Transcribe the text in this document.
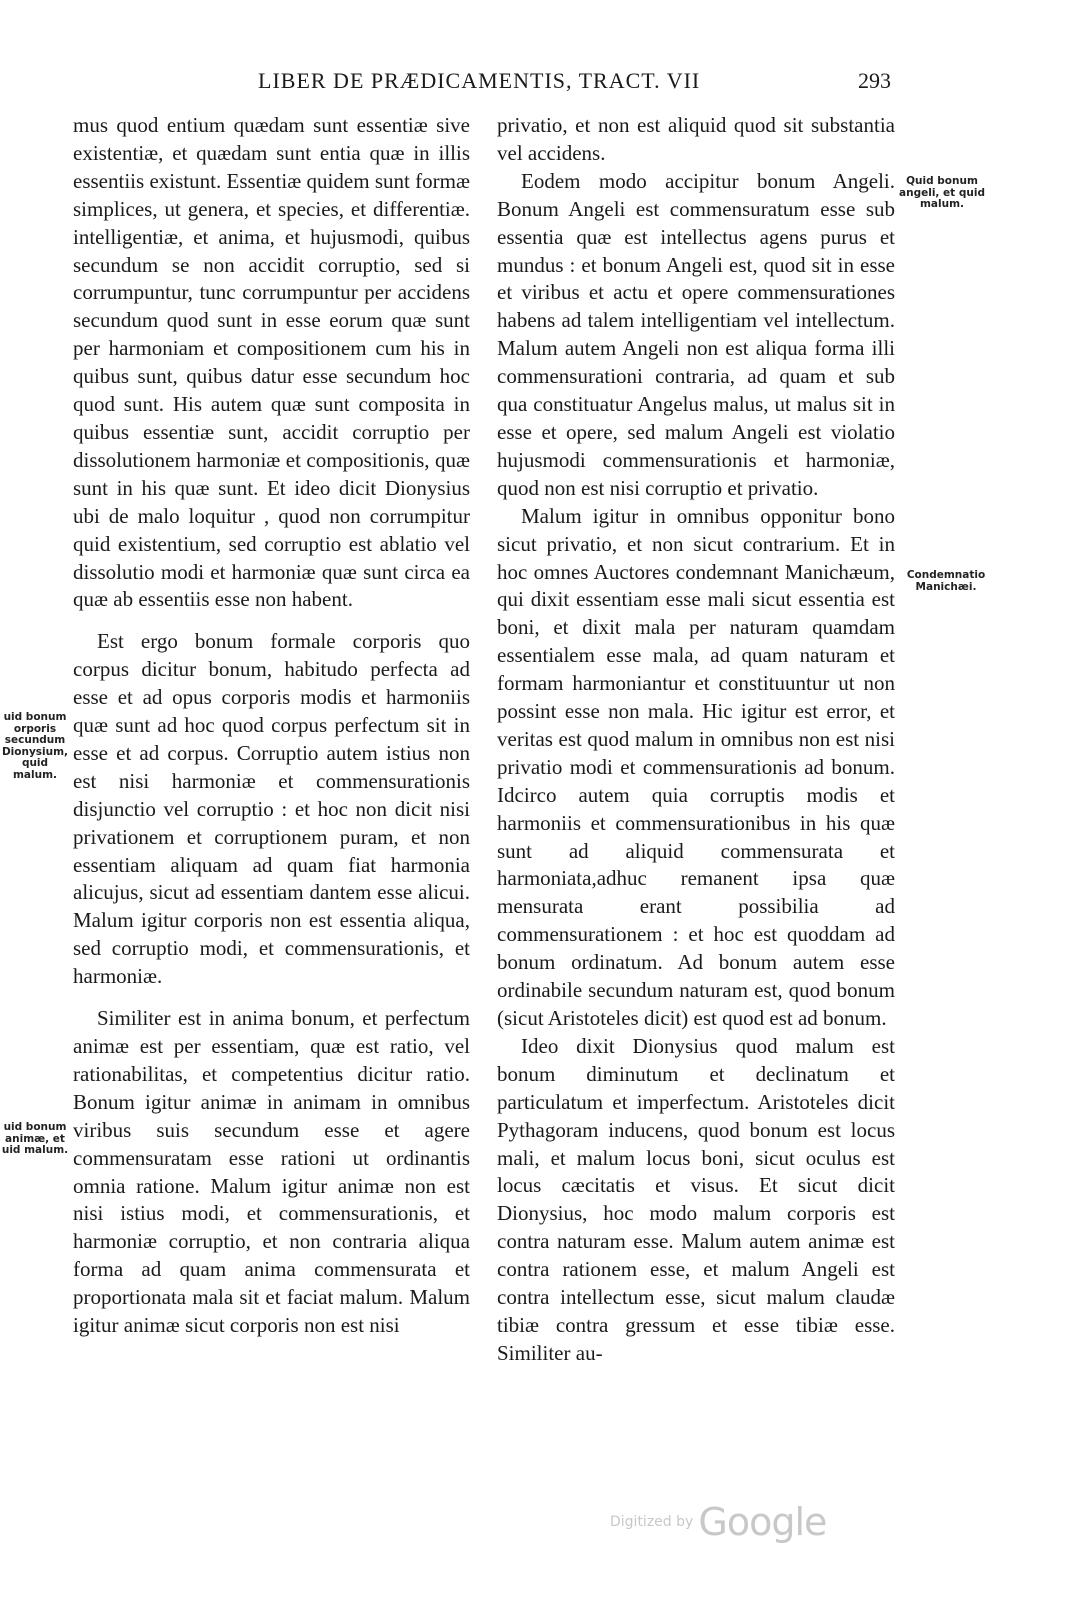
LIBER DE PRÆDICAMENTIS, TRACT. VII	293

mus quod entium quædam sunt essentiæ sive existentiæ, et quædam sunt entia quæ in illis essentiis existunt. Essentiæ quidem sunt formæ simplices, ut genera, et species, et differentiæ. intelligentiæ, et anima, et hujusmodi, quibus secundum se non accidit corruptio, sed si corrumpuntur, tunc corrumpuntur per accidens secundum quod sunt in esse eorum quæ sunt per harmoniam et compositionem cum his in quibus sunt, quibus datur esse secundum hoc quod sunt. His autem quæ sunt composita in quibus essentiæ sunt, accidit corruptio per dissolutionem harmoniæ et compositionis, quæ sunt in his quæ sunt. Et ideo dicit Dionysius ubi de malo loquitur , quod non corrumpitur quid existentium, sed corruptio est ablatio vel dissolutio modi et harmoniæ quæ sunt circa ea quæ ab essentiis esse non habent.

Est ergo bonum formale corporis quo corpus dicitur bonum, habitudo perfecta ad esse et ad opus corporis modis et harmoniis quæ sunt ad hoc quod corpus perfectum sit in esse et ad corpus. Corruptio autem istius non est nisi harmoniæ et commensurationis disjunctio vel corruptio : et hoc non dicit nisi privationem et corruptionem puram, et non essentiam aliquam ad quam fiat harmonia alicujus, sicut ad essentiam dantem esse alicui. Malum igitur corporis non est essentia aliqua, sed corruptio modi, et commensurationis, et harmoniæ.

Similiter est in anima bonum, et perfectum animæ est per essentiam, quæ est ratio, vel rationabilitas, et competentius dicitur ratio. Bonum igitur animæ in animam in omnibus viribus suis secundum esse et agere commensuratam esse rationi ut ordinantis omnia ratione. Malum igitur animæ non est nisi istius modi, et commensurationis, et harmoniæ corruptio, et non contraria aliqua forma ad quam anima commensurata et proportionata mala sit et faciat malum. Malum igitur animæ sicut corporis non est nisi

privatio, et non est aliquid quod sit substantia vel accidens.

Eodem modo accipitur bonum Angeli. Bonum Angeli est commensuratum esse sub essentia quæ est intellectus agens purus et mundus : et bonum Angeli est, quod sit in esse et viribus et actu et opere commensurationes habens ad talem intelligentiam vel intellectum. Malum autem Angeli non est aliqua forma illi commensurationi contraria, ad quam et sub qua constituatur Angelus malus, ut malus sit in esse et opere, sed malum Angeli est violatio hujusmodi commensurationis et harmoniæ, quod non est nisi corruptio et privatio.

Malum igitur in omnibus opponitur bono sicut privatio, et non sicut contrarium. Et in hoc omnes Auctores condemnant Manichæum, qui dixit essentiam esse mali sicut essentia est boni, et dixit mala per naturam quamdam essentialem esse mala, ad quam naturam et formam harmoniantur et constituuntur ut non possint esse non mala. Hic igitur est error, et veritas est quod malum in omnibus non est nisi privatio modi et commensurationis ad bonum. Idcirco autem quia corruptis modis et harmoniis et commensurationibus in his quæ sunt ad aliquid commensurata et harmoniata,adhuc remanent ipsa quæ mensurata erant possibilia ad commensurationem : et hoc est quoddam ad bonum ordinatum. Ad bonum autem esse ordinabile secundum naturam est, quod bonum (sicut Aristoteles dicit) est quod est ad bonum.

Ideo dixit Dionysius quod malum est bonum diminutum et declinatum et particulatum et imperfectum. Aristoteles dicit Pythagoram inducens, quod bonum est locus mali, et malum locus boni, sicut oculus est locus cæcitatis et visus. Et sicut dicit Dionysius, hoc modo malum corporis est contra naturam esse. Malum autem animæ est contra rationem esse, et malum Angeli est contra intellectum esse, sicut malum claudæ tibiæ contra gressum et esse tibiæ esse. Similiter au-

Quid bonum angeli, et quid malum.
Condemnatio Manichæi.
uid bonum orporis secundum Dionysium, quid malum.
uid bonum animæ, et uid malum.
Digitized by Google
